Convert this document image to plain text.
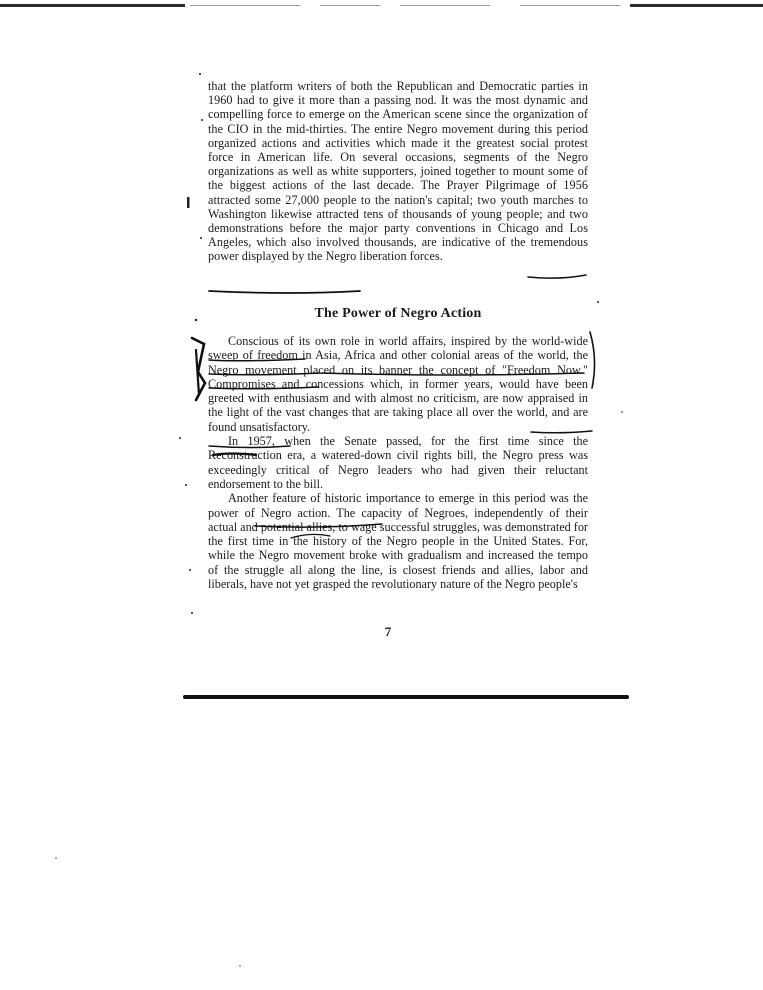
that the platform writers of both the Republican and Democratic parties in 1960 had to give it more than a passing nod. It was the most dynamic and compelling force to emerge on the American scene since the organization of the CIO in the mid-thirties. The entire Negro movement during this period organized actions and activities which made it the greatest social protest force in American life. On several occasions, segments of the Negro organizations as well as white supporters, joined together to mount some of the biggest actions of the last decade. The Prayer Pilgrimage of 1956 attracted some 27,000 people to the nation's capital; two youth marches to Washington likewise attracted tens of thousands of young people; and two demonstrations before the major party conventions in Chicago and Los Angeles, which also involved thousands, are indicative of the tremendous power displayed by the Negro liberation forces.

The Power of Negro Action

Conscious of its own role in world affairs, inspired by the world-wide sweep of freedom in Asia, Africa and other colonial areas of the world, the Negro movement placed on its banner the concept of "Freedom Now." Compromises and concessions which, in former years, would have been greeted with enthusiasm and with almost no criticism, are now appraised in the light of the vast changes that are taking place all over the world, and are found unsatisfactory.

In 1957, when the Senate passed, for the first time since the Reconstruction era, a watered-down civil rights bill, the Negro press was exceedingly critical of Negro leaders who had given their reluctant endorsement to the bill.

Another feature of historic importance to emerge in this period was the power of Negro action. The capacity of Negroes, independently of their actual and potential allies, to wage successful struggles, was demonstrated for the first time in the history of the Negro people in the United States. For, while the Negro movement broke with gradualism and increased the tempo of the struggle all along the line, is closest friends and allies, labor and liberals, have not yet grasped the revolutionary nature of the Negro people's

7
